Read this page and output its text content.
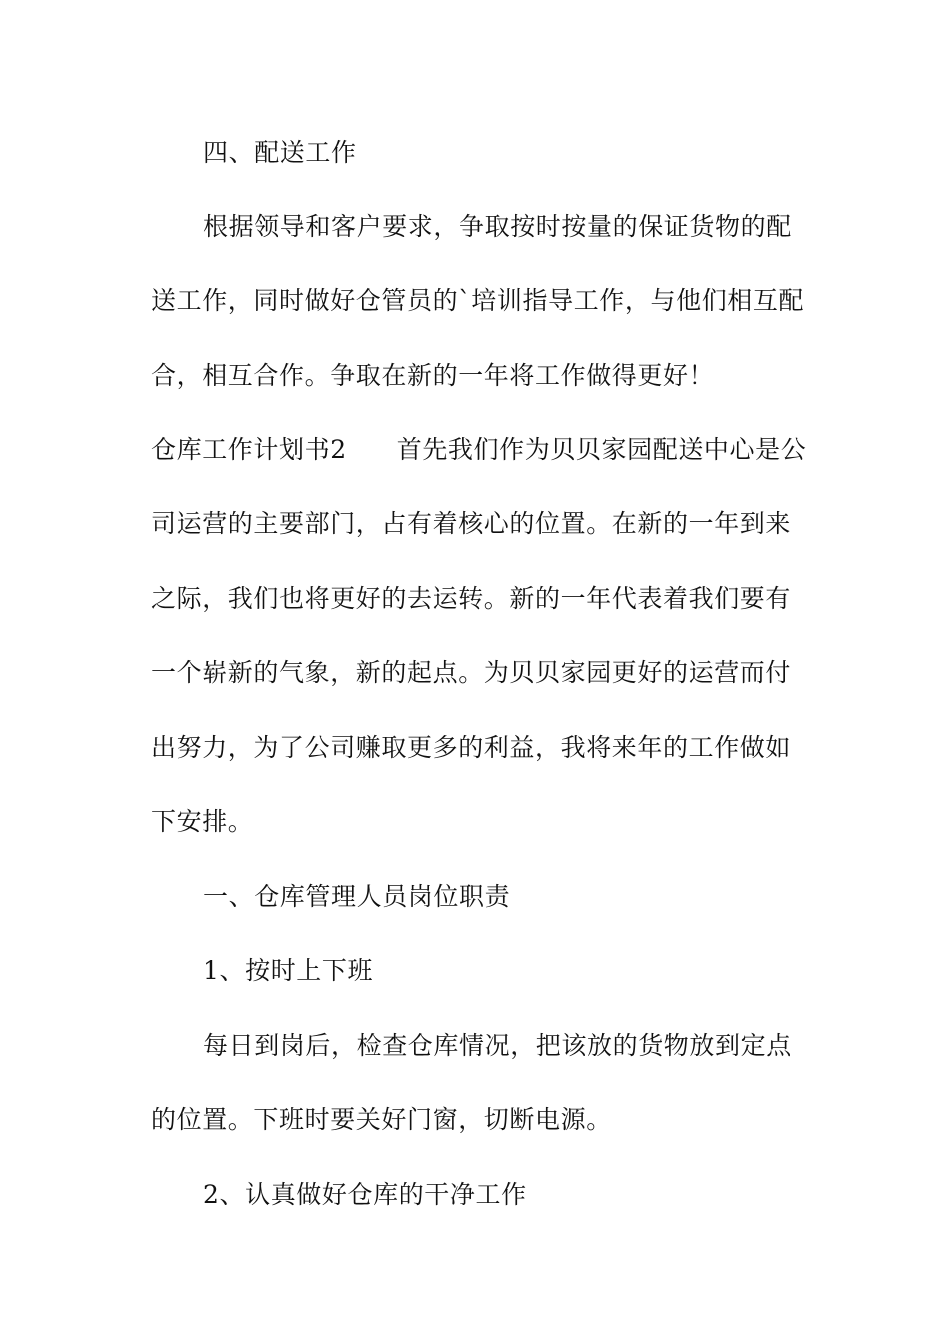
四、配送工作
根据领导和客户要求，争取按时按量的保证货物的配
送工作，同时做好仓管员的`培训指导工作，与他们相互配
合，相互合作。争取在新的一年将工作做得更好！
仓库工作计划书2 首先我们作为贝贝家园配送中心是公
司运营的主要部门，占有着核心的位置。在新的一年到来
之际，我们也将更好的去运转。新的一年代表着我们要有
一个崭新的气象，新的起点。为贝贝家园更好的运营而付
出努力，为了公司赚取更多的利益，我将来年的工作做如
下安排。
一、仓库管理人员岗位职责
1、按时上下班
每日到岗后，检查仓库情况，把该放的货物放到定点
的位置。下班时要关好门窗，切断电源。
2、认真做好仓库的干净工作
